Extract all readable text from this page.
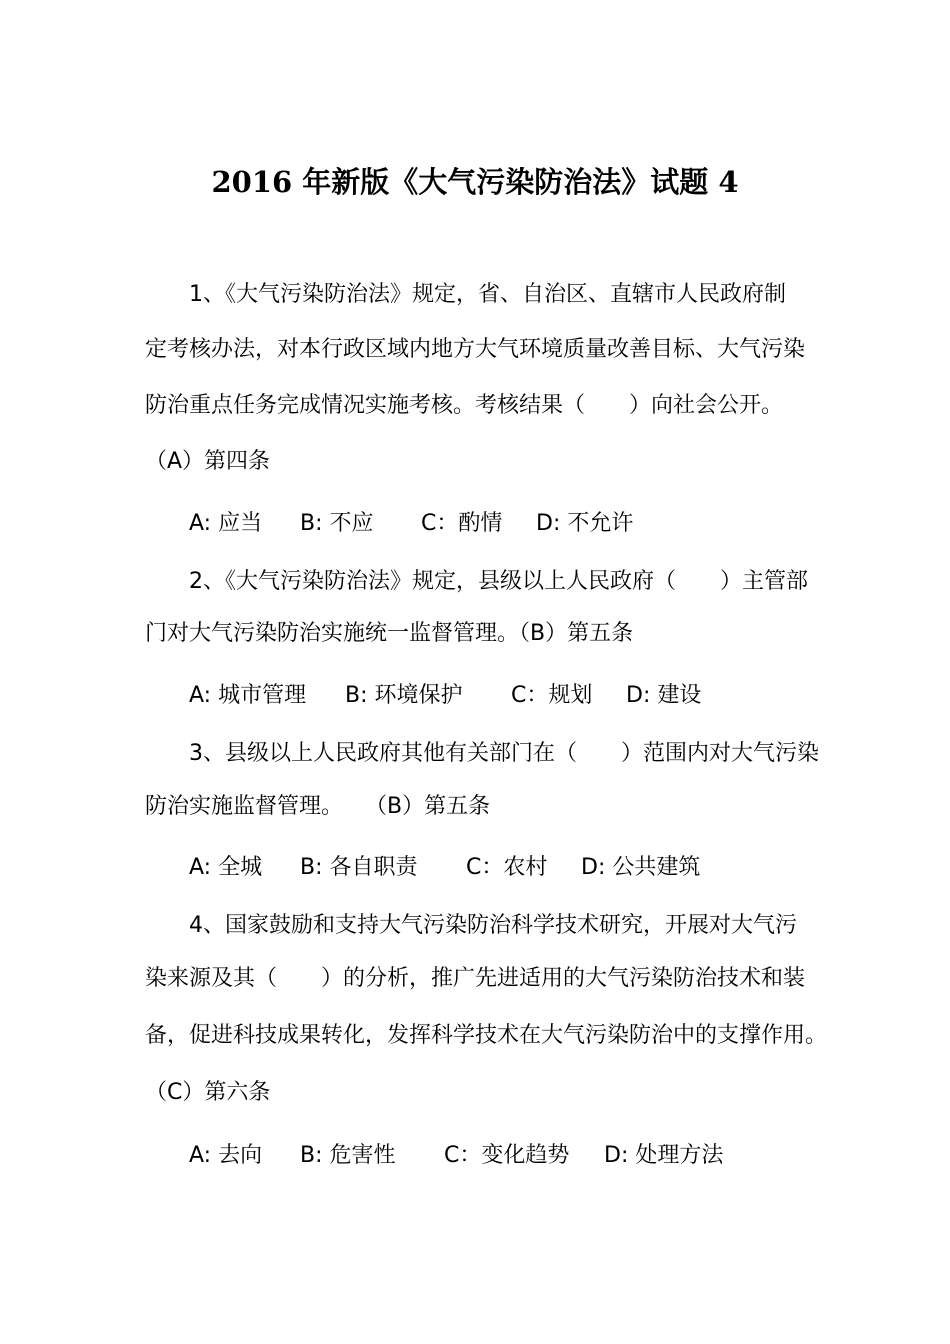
2016 年新版《大气污染防治法》试题 4
1、《大气污染防治法》规定，省、自治区、直辖市人民政府制
定考核办法，对本行政区域内地方大气环境质量改善目标、大气污染
防治重点任务完成情况实施考核。考核结果（　　）向社会公开。
（A）第四条
A: 应当 B: 不应 C：酌情 D: 不允许
2、《大气污染防治法》规定，县级以上人民政府（　　）主管部
门对大气污染防治实施统一监督管理。（B）第五条
A: 城市管理 B: 环境保护 C：规划 D: 建设
3、县级以上人民政府其他有关部门在（　　）范围内对大气污染
防治实施监督管理。　　（B）第五条
A: 全城 B: 各自职责 C：农村 D: 公共建筑
4、国家鼓励和支持大气污染防治科学技术研究，开展对大气污
染来源及其（　　）的分析，推广先进适用的大气污染防治技术和装
备，促进科技成果转化，发挥科学技术在大气污染防治中的支撑作用。
（C）第六条
A: 去向 B: 危害性 C：变化趋势 D: 处理方法
